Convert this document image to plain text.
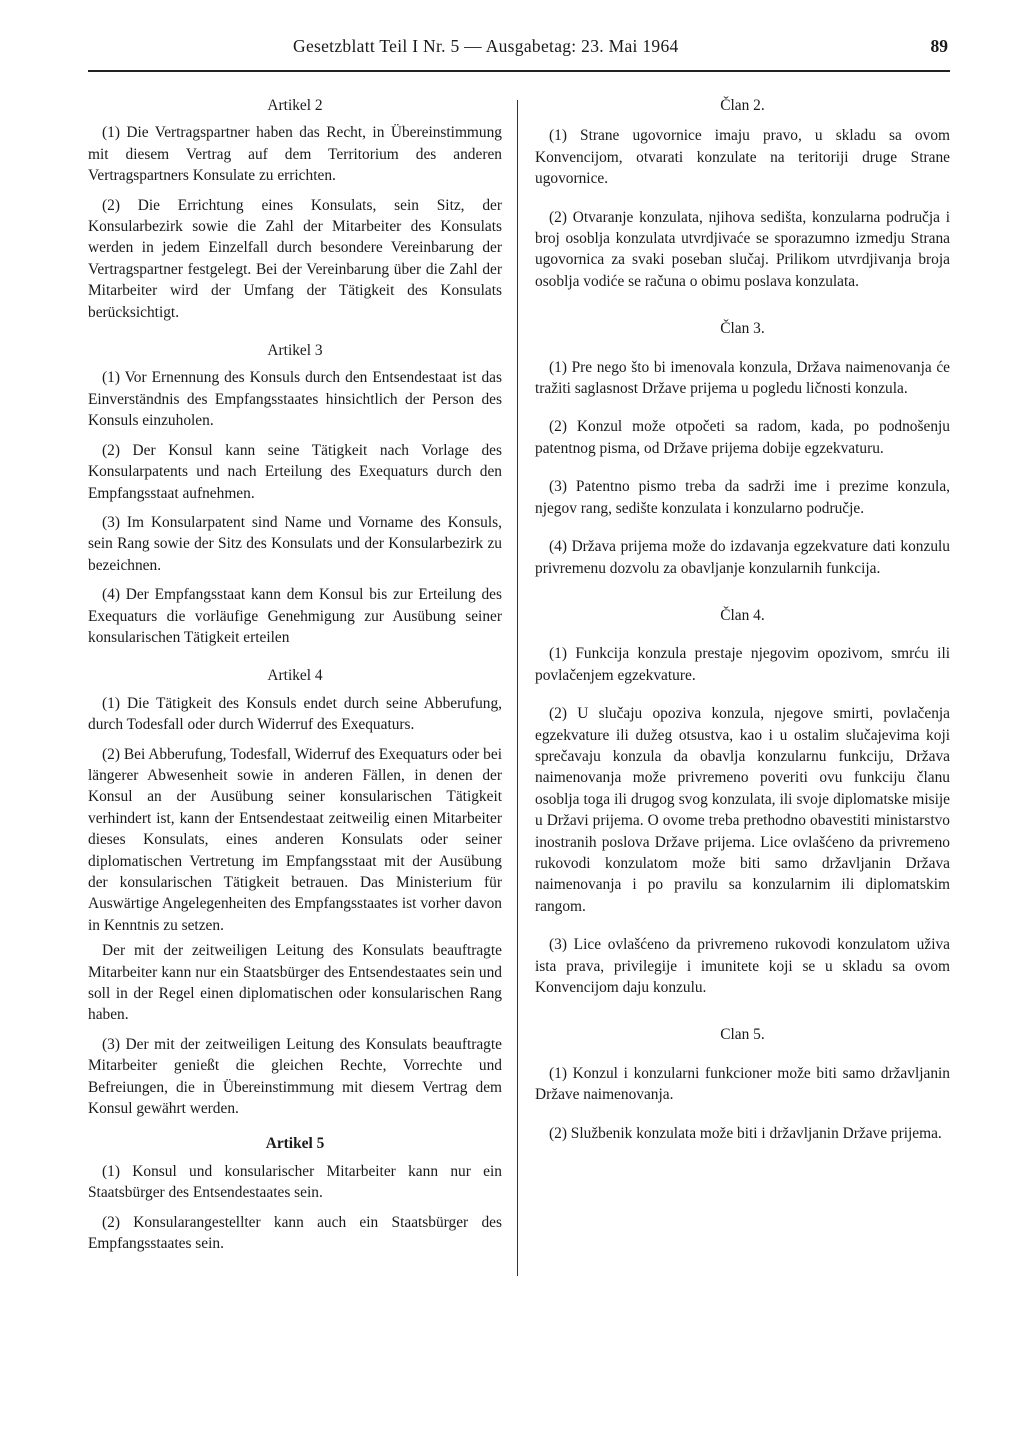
Gesetzblatt Teil I Nr. 5 — Ausgabetag: 23. Mai 1964	89

Artikel 2

(1) Die Vertragspartner haben das Recht, in Übereinstimmung mit diesem Vertrag auf dem Territorium des anderen Vertragspartners Konsulate zu errichten.

(2) Die Errichtung eines Konsulats, sein Sitz, der Konsularbezirk sowie die Zahl der Mitarbeiter des Konsulats werden in jedem Einzelfall durch besondere Vereinbarung der Vertragspartner festgelegt. Bei der Vereinbarung über die Zahl der Mitarbeiter wird der Umfang der Tätigkeit des Konsulats berücksichtigt.

Artikel 3

(1) Vor Ernennung des Konsuls durch den Entsendestaat ist das Einverständnis des Empfangsstaates hinsichtlich der Person des Konsuls einzuholen.

(2) Der Konsul kann seine Tätigkeit nach Vorlage des Konsularpatents und nach Erteilung des Exequaturs durch den Empfangsstaat aufnehmen.

(3) Im Konsularpatent sind Name und Vorname des Konsuls, sein Rang sowie der Sitz des Konsulats und der Konsularbezirk zu bezeichnen.

(4) Der Empfangsstaat kann dem Konsul bis zur Erteilung des Exequaturs die vorläufige Genehmigung zur Ausübung seiner konsularischen Tätigkeit erteilen

Artikel 4

(1) Die Tätigkeit des Konsuls endet durch seine Abberufung, durch Todesfall oder durch Widerruf des Exequaturs.

(2) Bei Abberufung, Todesfall, Widerruf des Exequaturs oder bei längerer Abwesenheit sowie in anderen Fällen, in denen der Konsul an der Ausübung seiner konsularischen Tätigkeit verhindert ist, kann der Entsendestaat zeitweilig einen Mitarbeiter dieses Konsulats, eines anderen Konsulats oder seiner diplomatischen Vertretung im Empfangsstaat mit der Ausübung der konsularischen Tätigkeit betrauen. Das Ministerium für Auswärtige Angelegenheiten des Empfangsstaates ist vorher davon in Kenntnis zu setzen.

Der mit der zeitweiligen Leitung des Konsulats beauftragte Mitarbeiter kann nur ein Staatsbürger des Entsendestaates sein und soll in der Regel einen diplomatischen oder konsularischen Rang haben.

(3) Der mit der zeitweiligen Leitung des Konsulats beauftragte Mitarbeiter genießt die gleichen Rechte, Vorrechte und Befreiungen, die in Übereinstimmung mit diesem Vertrag dem Konsul gewährt werden.

Artikel 5

(1) Konsul und konsularischer Mitarbeiter kann nur ein Staatsbürger des Entsendestaates sein.

(2) Konsularangestellter kann auch ein Staatsbürger des Empfangsstaates sein.

Član 2.

(1) Strane ugovornice imaju pravo, u skladu sa ovom Konvencijom, otvarati konzulate na teritoriji druge Strane ugovornice.

(2) Otvaranje konzulata, njihova sedišta, konzularna područja i broj osoblja konzulata utvrdjivaće se sporazumno izmedju Strana ugovornica za svaki poseban slučaj. Prilikom utvrdjivanja broja osoblja vodiće se računa o obimu poslava konzulata.

Član 3.

(1) Pre nego što bi imenovala konzula, Država naimenovanja će tražiti saglasnost Države prijema u pogledu ličnosti konzula.

(2) Konzul može otpočeti sa radom, kada, po podnošenju patentnog pisma, od Države prijema dobije egzekvaturu.

(3) Patentno pismo treba da sadrži ime i prezime konzula, njegov rang, sedište konzulata i konzularno područje.

(4) Država prijema može do izdavanja egzekvature dati konzulu privremenu dozvolu za obavljanje konzularnih funkcija.

Član 4.

(1) Funkcija konzula prestaje njegovim opozivom, smrću ili povlačenjem egzekvature.

(2) U slučaju opoziva konzula, njegove smirti, povlačenja egzekvature ili dužeg otsustva, kao i u ostalim slučajevima koji sprečavaju konzula da obavlja konzularnu funkciju, Država naimenovanja može privremeno poveriti ovu funkciju članu osoblja toga ili drugog svog konzulata, ili svoje diplomatske misije u Državi prijema. O ovome treba prethodno obavestiti ministarstvo inostranih poslova Države prijema. Lice ovlašćeno da privremeno rukovodi konzulatom može biti samo državljanin Država naimenovanja i po pravilu sa konzularnim ili diplomatskim rangom.

(3) Lice ovlašćeno da privremeno rukovodi konzulatom uživa ista prava, privilegije i imunitete koji se u skladu sa ovom Konvencijom daju konzulu.

Clan 5.

(1) Konzul i konzularni funkcioner može biti samo državljanin Države naimenovanja.

(2) Službenik konzulata može biti i državljanin Države prijema.
